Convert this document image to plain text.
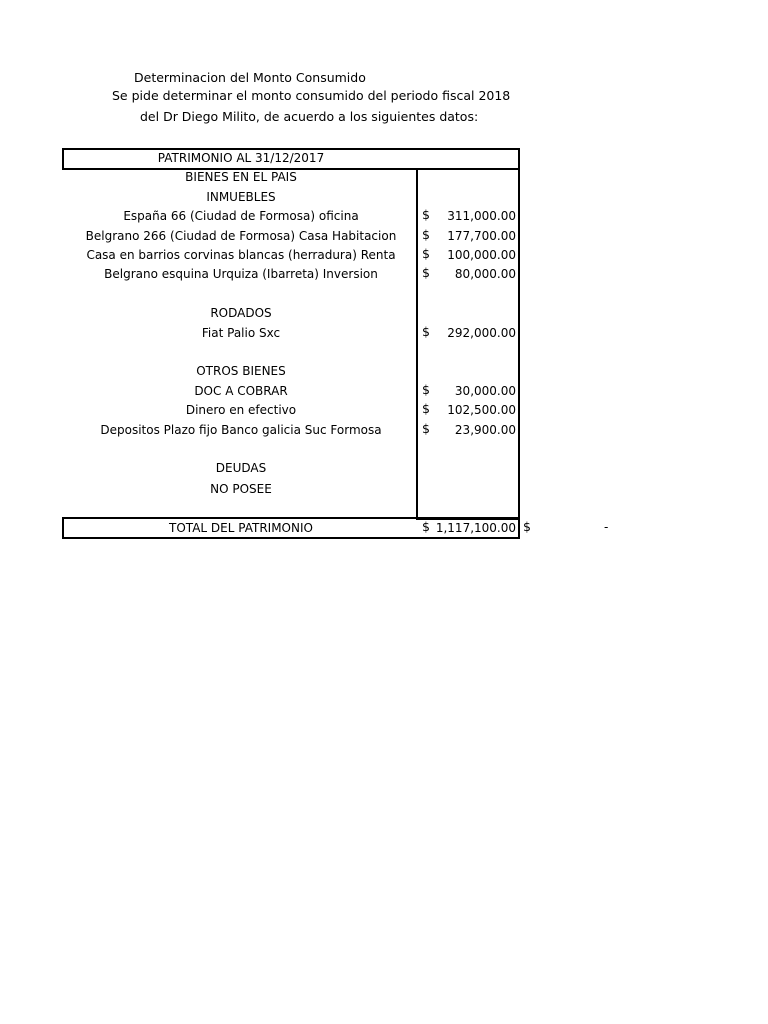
Determinacion del Monto Consumido
Se pide determinar el monto consumido del periodo fiscal 2018
del Dr Diego Milito, de acuerdo a los siguientes datos:
PATRIMONIO AL 31/12/2017
BIENES EN EL PAIS
INMUEBLES
España 66 (Ciudad de Formosa) oficina	$	311,000.00
Belgrano 266 (Ciudad de Formosa) Casa Habitacion	$	177,700.00
Casa en barrios corvinas blancas (herradura) Renta	$	100,000.00
Belgrano esquina Urquiza (Ibarreta) Inversion	$	80,000.00
RODADOS
Fiat Palio Sxc	$	292,000.00
OTROS BIENES
DOC A COBRAR	$	30,000.00
Dinero en efectivo	$	102,500.00
Depositos Plazo fijo Banco galicia Suc Formosa	$	23,900.00
DEUDAS
NO POSEE
TOTAL DEL PATRIMONIO	$ 1,117,100.00 $	-
